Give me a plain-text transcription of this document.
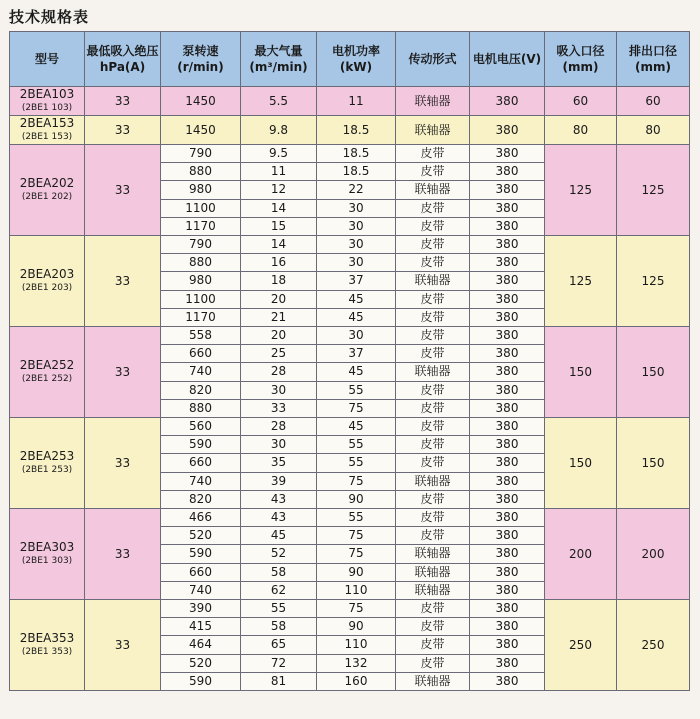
技术规格表
型号	最低吸入绝压hPa(A)	泵转速(r/min)	最大气量(m³/min)	电机功率(kW)	传动形式	电机电压(V)	吸入口径(mm)	排出口径(mm)

2BEA103
(2BE1 103)	33	1450	5.5	11	联轴器	380	60	60

2BEA153
(2BE1 153)	33	1450	9.8	18.5	联轴器	380	80	80

2BEA202
(2BE1 202)	33	790	9.5	18.5	皮带	380	125	125
		880	11	18.5	皮带	380		
		980	12	22	联轴器	380		
		1100	14	30	皮带	380		
		1170	15	30	皮带	380		

2BEA203
(2BE1 203)	33	790	14	30	皮带	380	125	125
		880	16	30	皮带	380		
		980	18	37	联轴器	380		
		1100	20	45	皮带	380		
		1170	21	45	皮带	380		

2BEA252
(2BE1 252)	33	558	20	30	皮带	380	150	150
		660	25	37	皮带	380		
		740	28	45	联轴器	380		
		820	30	55	皮带	380		
		880	33	75	皮带	380		

2BEA253
(2BE1 253)	33	560	28	45	皮带	380	150	150
		590	30	55	皮带	380		
		660	35	55	皮带	380		
		740	39	75	联轴器	380		
		820	43	90	皮带	380		

2BEA303
(2BE1 303)	33	466	43	55	皮带	380	200	200
		520	45	75	皮带	380		
		590	52	75	联轴器	380		
		660	58	90	联轴器	380		
		740	62	110	联轴器	380		

2BEA353
(2BE1 353)	33	390	55	75	皮带	380	250	250
		415	58	90	皮带	380		
		464	65	110	皮带	380		
		520	72	132	皮带	380		
		590	81	160	联轴器	380		
